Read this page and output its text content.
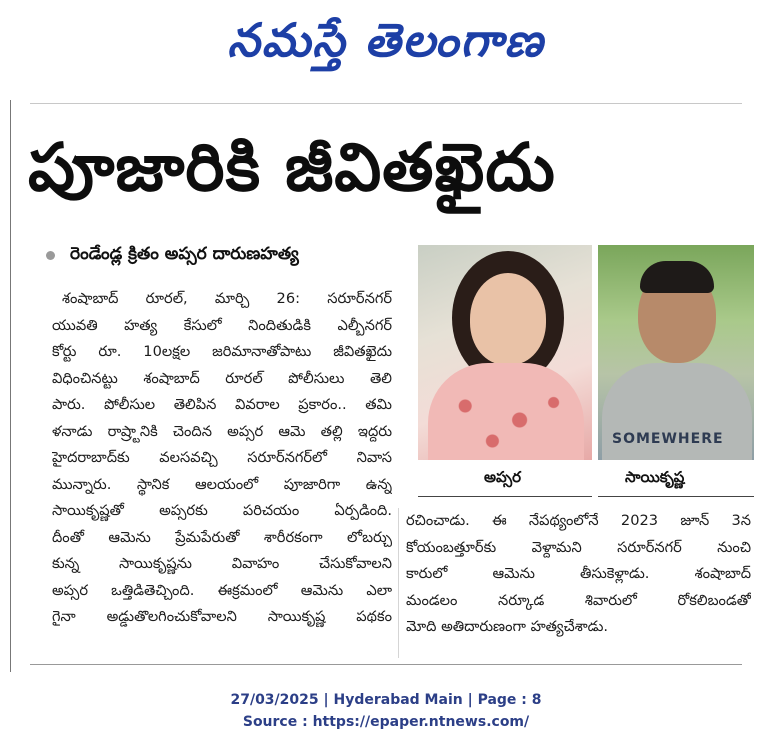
నమస్తే తెలంగాణ
పూజారికి జీవితఖైదు
రెండేండ్ల క్రితం అప్సర దారుణహత్య
శంషాబాద్ రూరల్, మార్చి 26: సరూర్‌నగర్
యువతి హత్య కేసులో నిందితుడికి ఎల్బీనగర్
కోర్టు రూ. 10లక్షల జరిమానాతోపాటు జీవితఖైదు
విధించినట్టు శంషాబాద్ రూరల్ పోలీసులు తెలి
పారు. పోలీసుల తెలిపిన వివరాల ప్రకారం.. తమి
ళనాడు రాష్ర్టానికి చెందిన అప్సర ఆమె తల్లి ఇద్దరు
హైదరాబాద్‌కు వలసవచ్చి సరూర్‌నగర్‌లో నివాస
మున్నారు. స్థానిక ఆలయంలో పూజారిగా ఉన్న
సాయికృష్ణతో అప్సరకు పరిచయం ఏర్పడింది.
దీంతో ఆమెను ప్రేమపేరుతో శారీరకంగా లోబర్చు
కున్న సాయికృష్ణను వివాహం చేసుకోవాలని
అప్సర ఒత్తిడితెచ్చింది. ఈక్రమంలో ఆమెను ఎలా
గైనా అడ్డుతొలగించుకోవాలని సాయికృష్ణ పథకం
SOMEWHERE
అప్సర	సాయికృష్ణ
రచించాడు. ఈ నేపథ్యంలోనే 2023 జూన్ 3న
కోయంబత్తూర్‌కు వెళ్దామని సరూర్‌నగర్ నుంచి
కారులో ఆమెను తీసుకెళ్లాడు. శంషాబాద్
మండలం నర్కూడ శివారులో రోకలిబండతో
మోది అతిదారుణంగా హత్యచేశాడు.
27/03/2025 | Hyderabad Main | Page : 8
Source : https://epaper.ntnews.com/
